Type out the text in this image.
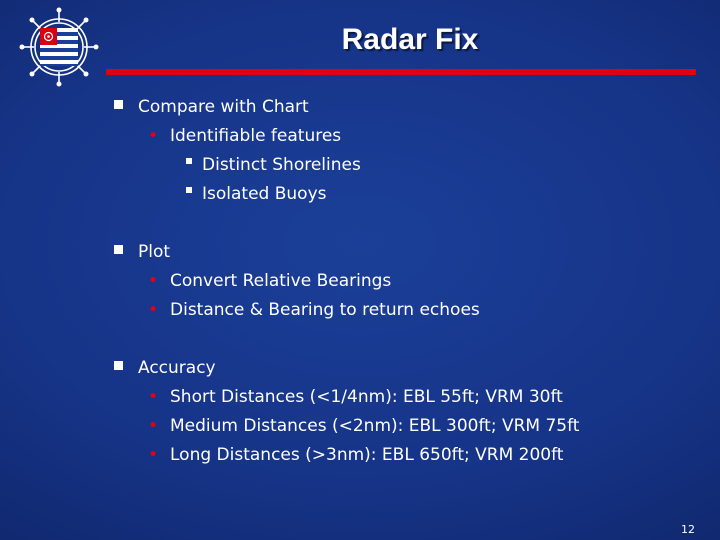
Radar Fix
Compare with Chart
• Identifiable features
Distinct Shorelines
Isolated Buoys
Plot
• Convert Relative Bearings
• Distance & Bearing to return echoes
Accuracy
• Short Distances (<1/4nm): EBL 55ft; VRM 30ft
• Medium Distances (<2nm): EBL 300ft; VRM 75ft
• Long Distances (>3nm): EBL 650ft; VRM 200ft
12
